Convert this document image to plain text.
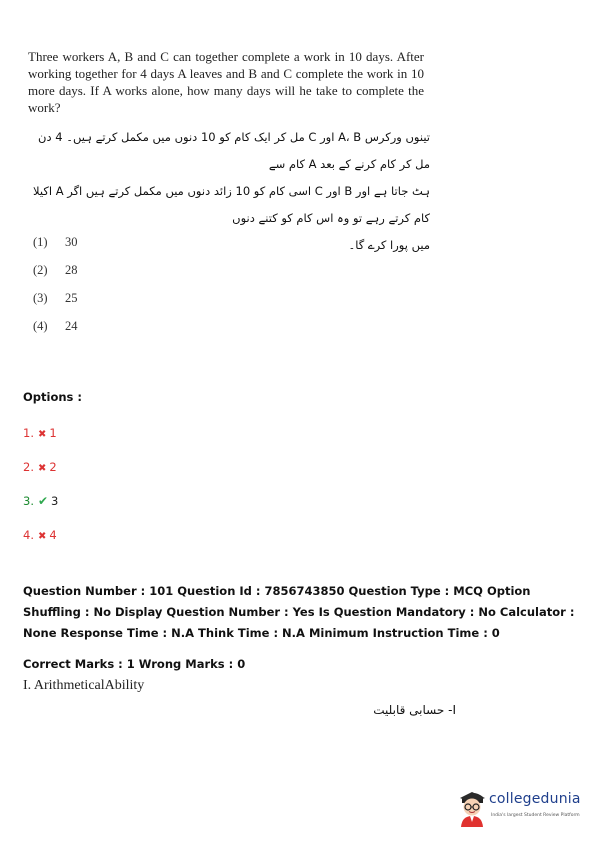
Three workers A, B and C can together complete a work in 10 days. After working together for 4 days A leaves and B and C complete the work in 10 more days. If A works alone, how many days will he take to complete the work?
تینوں ورکرس A، B اور C مل کر ایک کام کو 10 دنوں میں مکمل کرتے ہیں۔ 4 دن مل کر کام کرنے کے بعد A کام سے
ہٹ جاتا ہے اور B اور C اسی کام کو 10 زائد دنوں میں مکمل کرتے ہیں اگر A اکیلا کام کرتے رہے تو وہ اس کام کو کتنے دنوں
میں پورا کرے گا۔
(1) 30
(2) 28
(3) 25
(4) 24
Options :
1. ✖ 1
2. ✖ 2
3. ✔ 3
4. ✖ 4
Question Number : 101 Question Id : 7856743850 Question Type : MCQ Option Shuffling : No Display Question Number : Yes Is Question Mandatory : No Calculator : None Response Time : N.A Think Time : N.A Minimum Instruction Time : 0
Correct Marks : 1 Wrong Marks : 0
I. ArithmeticalAbility
I- حسابی قابلیت
collegedunia
India's largest Student Review Platform
